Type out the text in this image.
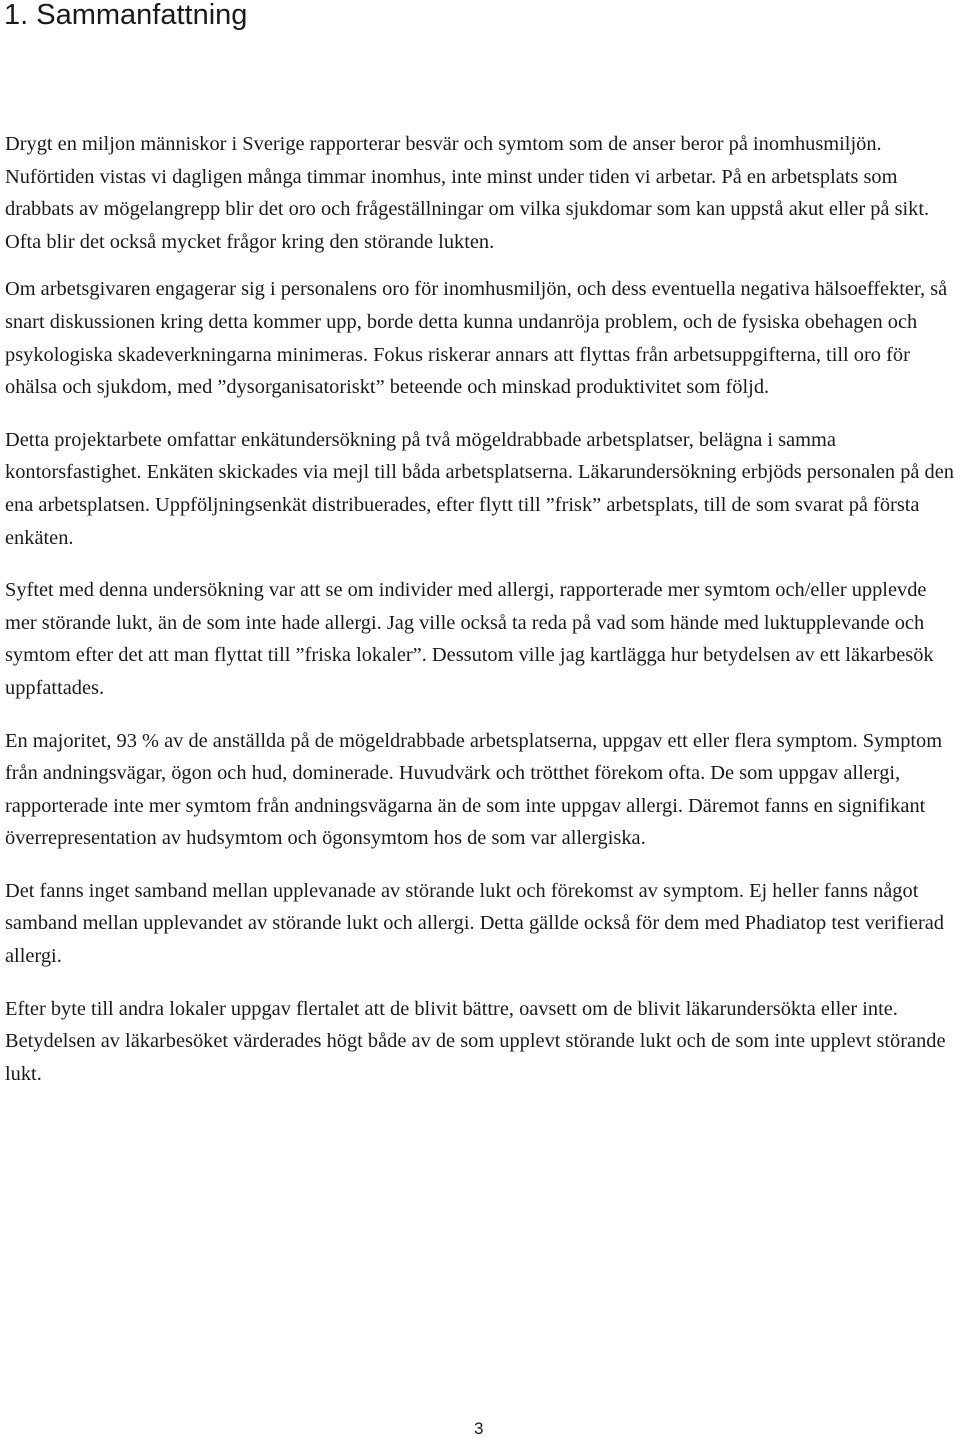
1. Sammanfattning

Drygt en miljon människor i Sverige rapporterar besvär och symtom som de anser beror på inomhusmiljön. Nuförtiden vistas vi dagligen många timmar inomhus, inte minst under tiden vi arbetar. På en arbetsplats som drabbats av mögelangrepp blir det oro och frågeställningar om vilka sjukdomar som kan uppstå akut eller på sikt. Ofta blir det också mycket frågor kring den störande lukten.

Om arbetsgivaren engagerar sig i personalens oro för inomhusmiljön, och dess eventuella negativa hälsoeffekter, så snart diskussionen kring detta kommer upp, borde detta kunna undanröja problem, och de fysiska obehagen och psykologiska skadeverkningarna minimeras. Fokus riskerar annars att flyttas från arbetsuppgifterna, till oro för ohälsa och sjukdom, med ”dysorganisatoriskt” beteende och minskad produktivitet som följd.

Detta projektarbete omfattar enkätundersökning på två mögeldrabbade arbetsplatser, belägna i samma kontorsfastighet. Enkäten skickades via mejl till båda arbetsplatserna. Läkarundersökning erbjöds personalen på den ena arbetsplatsen. Uppföljningsenkät distribuerades, efter flytt till ”frisk” arbetsplats, till de som svarat på första enkäten.

Syftet med denna undersökning var att se om individer med allergi, rapporterade mer symtom och/eller upplevde mer störande lukt, än de som inte hade allergi. Jag ville också ta reda på vad som hände med luktupplevande och symtom efter det att man flyttat till ”friska lokaler”. Dessutom ville jag kartlägga hur betydelsen av ett läkarbesök uppfattades.

En majoritet, 93 % av de anställda på de mögeldrabbade arbetsplatserna, uppgav ett eller flera symptom. Symptom från andningsvägar, ögon och hud, dominerade. Huvudvärk och trötthet förekom ofta. De som uppgav allergi, rapporterade inte mer symtom från andningsvägarna än de som inte uppgav allergi. Däremot fanns en signifikant överrepresentation av hudsymtom och ögonsymtom hos de som var allergiska.

Det fanns inget samband mellan upplevanade av störande lukt och förekomst av symptom. Ej heller fanns något samband mellan upplevandet av störande lukt och allergi. Detta gällde också för dem med Phadiatop test verifierad allergi.

Efter byte till andra lokaler uppgav flertalet att de blivit bättre, oavsett om de blivit läkarundersökta eller inte. Betydelsen av läkarbesöket värderades högt både av de som upplevt störande lukt och de som inte upplevt störande lukt.

3
